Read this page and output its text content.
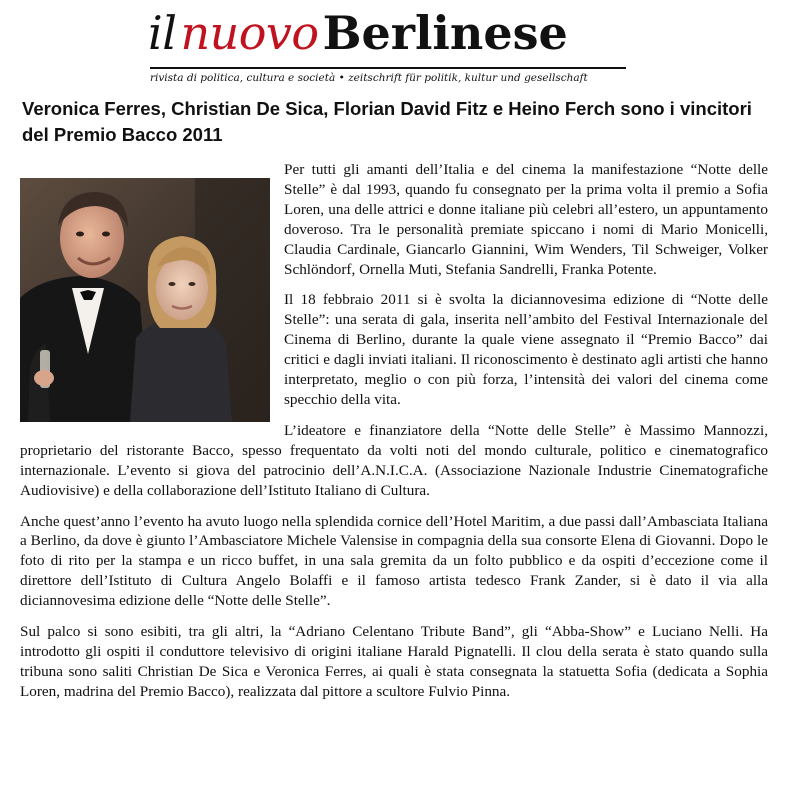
ilnuovoBerlinese
rivista di politica, cultura e società • zeitschrift für politik, kultur und gesellschaft
Veronica Ferres, Christian De Sica, Florian David Fitz e Heino Ferch sono i vincitori del Premio Bacco 2011

Per tutti gli amanti dell’Italia e del cinema la manifestazione “Notte delle Stelle” è dal 1993, quando fu consegnato per la prima volta il premio a Sofia Loren, una delle attrici e donne italiane più celebri all’estero, un appuntamento doveroso. Tra le personalità premiate spiccano i nomi di Mario Monicelli, Claudia Cardinale, Giancarlo Giannini, Wim Wenders, Til Schweiger, Volker Schlöndorf, Ornella Muti, Stefania Sandrelli, Franka Potente.

Il 18 febbraio 2011 si è svolta la diciannovesima edizione di “Notte delle Stelle”: una serata di gala, inserita nell’ambito del Festival Internazionale del Cinema di Berlino, durante la quale viene assegnato il “Premio Bacco” dai critici e dagli inviati italiani. Il riconoscimento è destinato agli artisti che hanno interpretato, meglio o con più forza, l’intensità dei valori del cinema come specchio della vita.

L’ideatore e finanziatore della “Notte delle Stelle” è Massimo Mannozzi, proprietario del ristorante Bacco, spesso frequentato da volti noti del mondo culturale, politico e cinematografico internazionale. L’evento si giova del patrocinio dell’A.N.I.C.A. (Associazione Nazionale Industrie Cinematografiche Audiovisive) e della collaborazione dell’Istituto Italiano di Cultura.

Anche quest’anno l’evento ha avuto luogo nella splendida cornice dell’Hotel Maritim, a due passi dall’Ambasciata Italiana a Berlino, da dove è giunto l’Ambasciatore Michele Valensise in compagnia della sua consorte Elena di Giovanni. Dopo le foto di rito per la stampa e un ricco buffet, in una sala gremita da un folto pubblico e da ospiti d’eccezione come il direttore dell’Istituto di Cultura Angelo Bolaffi e il famoso artista tedesco Frank Zander, si è dato il via alla diciannovesima edizione delle “Notte delle Stelle”.

Sul palco si sono esibiti, tra gli altri, la “Adriano Celentano Tribute Band”, gli “Abba-Show” e Luciano Nelli. Ha introdotto gli ospiti il conduttore televisivo di origini italiane Harald Pignatelli. Il clou della serata è stato quando sulla tribuna sono saliti Christian De Sica e Veronica Ferres, ai quali è stata consegnata la statuetta Sofia (dedicata a Sophia Loren, madrina del Premio Bacco), realizzata dal pittore a scultore Fulvio Pinna.
